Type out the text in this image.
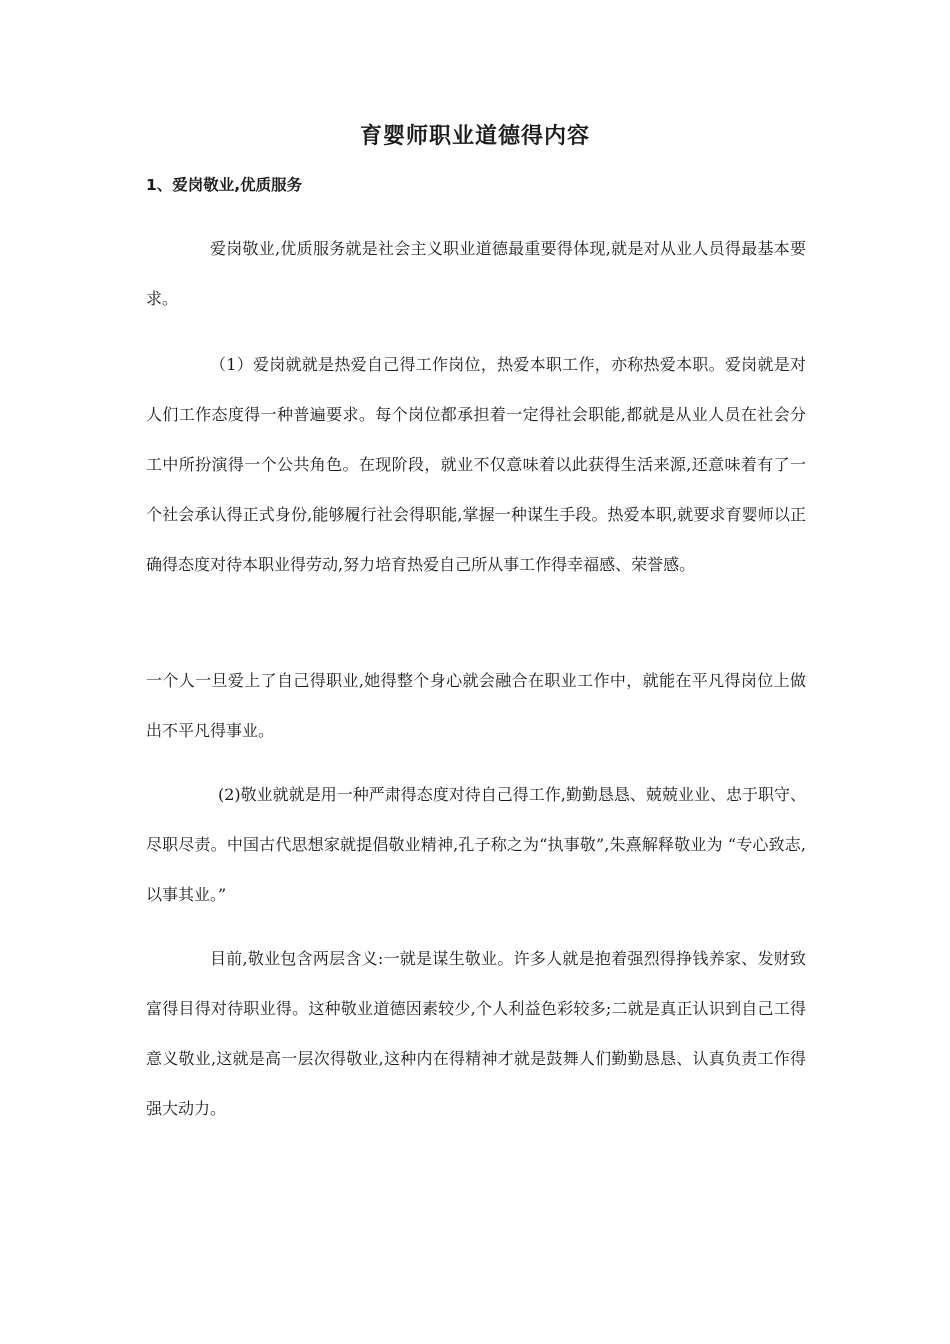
育婴师职业道德得内容
1、爱岗敬业,优质服务

爱岗敬业,优质服务就是社会主义职业道德最重要得体现,就是对从业人员得最基本要求。

（1）爱岗就就是热爱自己得工作岗位，热爱本职工作，亦称热爱本职。爱岗就是对人们工作态度得一种普遍要求。每个岗位都承担着一定得社会职能,都就是从业人员在社会分工中所扮演得一个公共角色。在现阶段，就业不仅意味着以此获得生活来源,还意味着有了一个社会承认得正式身份,能够履行社会得职能,掌握一种谋生手段。热爱本职,就要求育婴师以正确得态度对待本职业得劳动,努力培育热爱自己所从事工作得幸福感、荣誉感。

一个人一旦爱上了自己得职业,她得整个身心就会融合在职业工作中，就能在平凡得岗位上做出不平凡得事业。

(2)敬业就就是用一种严肃得态度对待自己得工作,勤勤恳恳、兢兢业业、忠于职守、尽职尽责。中国古代思想家就提倡敬业精神,孔子称之为“执事敬”,朱熹解释敬业为 “专心致志,以事其业。”

目前,敬业包含两层含义:一就是谋生敬业。许多人就是抱着强烈得挣钱养家、发财致富得目得对待职业得。这种敬业道德因素较少,个人利益色彩较多;二就是真正认识到自己工得意义敬业,这就是高一层次得敬业,这种内在得精神才就是鼓舞人们勤勤恳恳、认真负责工作得强大动力。
